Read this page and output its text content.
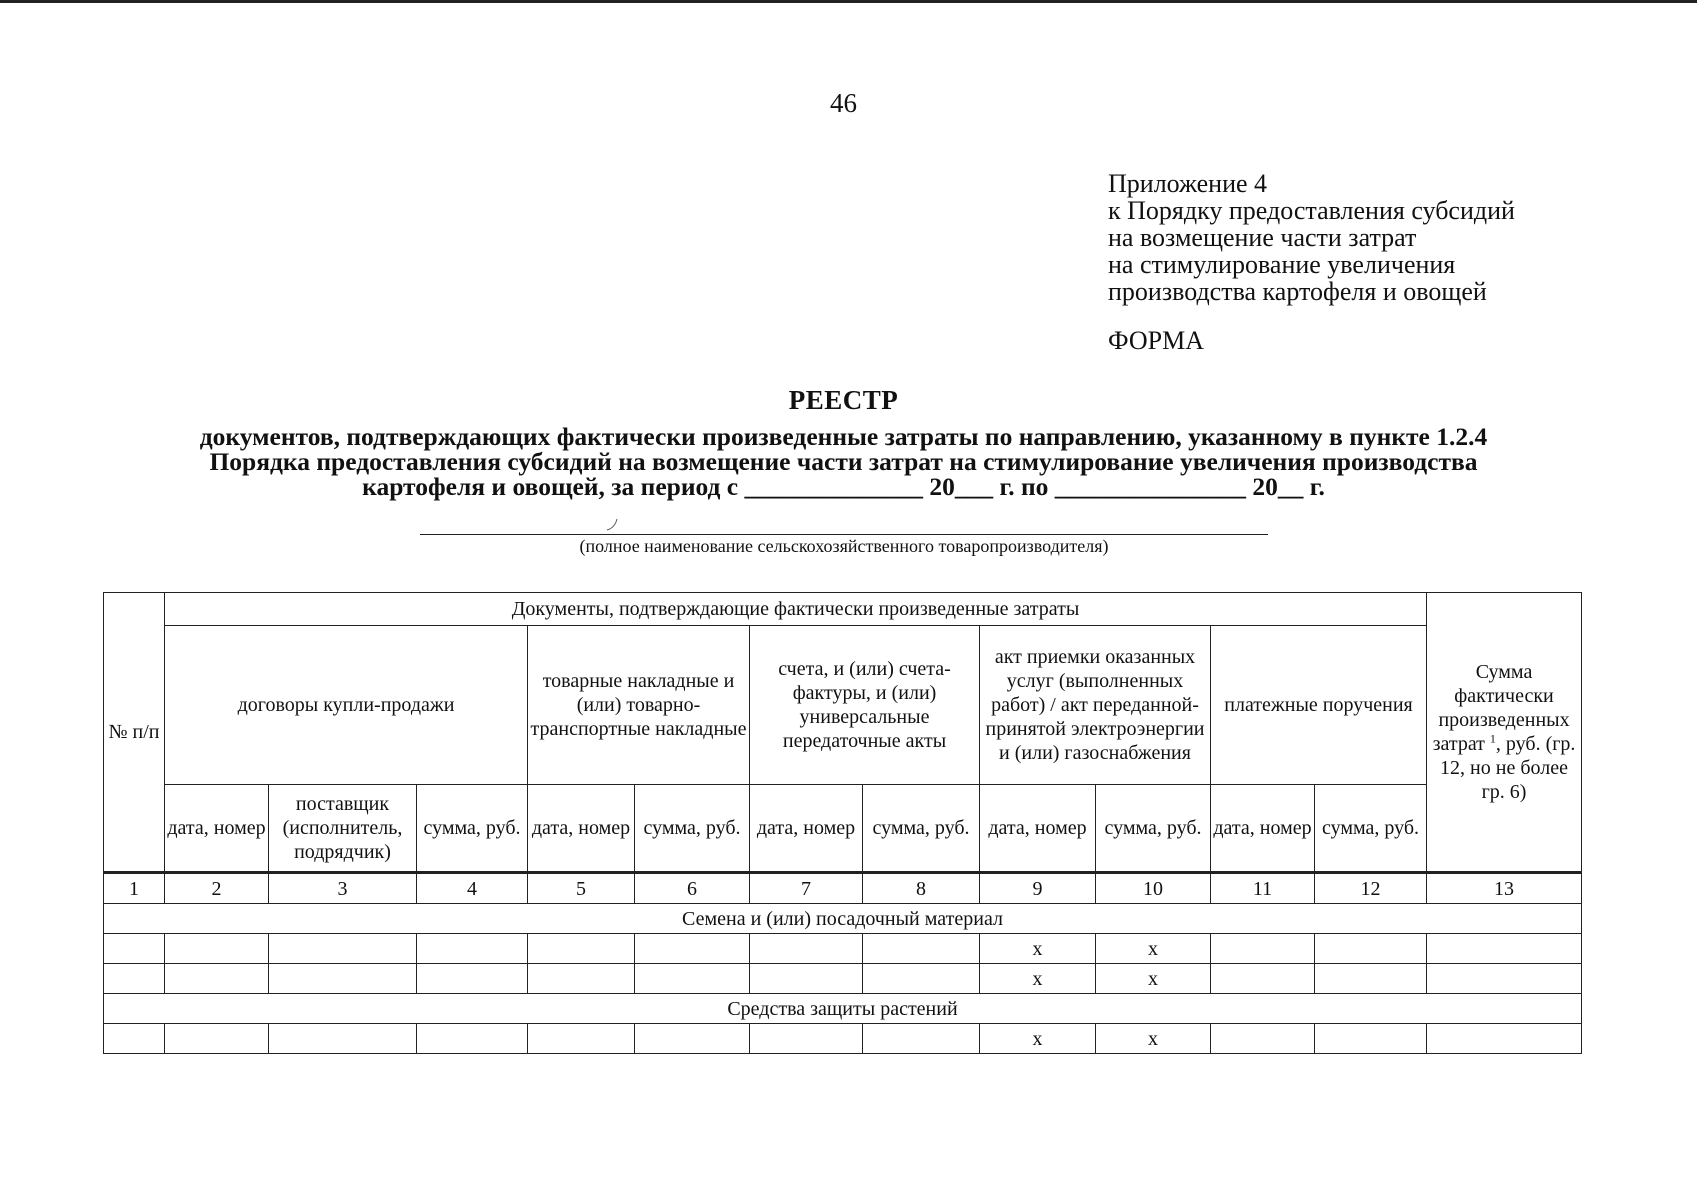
46
Приложение 4
к Порядку предоставления субсидий
на возмещение части затрат
на стимулирование увеличения
производства картофеля и овощей
ФОРМА
РЕЕСТР
документов, подтверждающих фактически произведенные затраты по направлению, указанному в пункте 1.2.4
Порядка предоставления субсидий на возмещение части затрат на стимулирование увеличения производства
картофеля и овощей, за период с ______________ 20___ г. по _______________ 20__ г.
(полное наименование сельскохозяйственного товаропроизводителя)
№ п/п	Документы, подтверждающие фактически произведенные затраты											Сумма фактически произведенных затрат $^1$, руб. (гр. 12, но не более гр. 6)
	договоры купли-продажи			товарные накладные и (или) товарно-транспортные накладные		счета, и (или) счета-фактуры, и (или) универсальные передаточные акты		акт приемки оказанных услуг (выполненных работ) / акт переданной-принятой электроэнергии и (или) газоснабжения		платежные поручения		
	дата, номер	поставщик (исполнитель, подрядчик)	сумма, руб.	дата, номер	сумма, руб.	дата, номер	сумма, руб.	дата, номер	сумма, руб.	дата, номер	сумма, руб.	
1	2	3	4	5	6	7	8	9	10	11	12	13
Семена и (или) посадочный материал												
								х	х			
								х	х			
Средства защиты растений												
								х	х			
